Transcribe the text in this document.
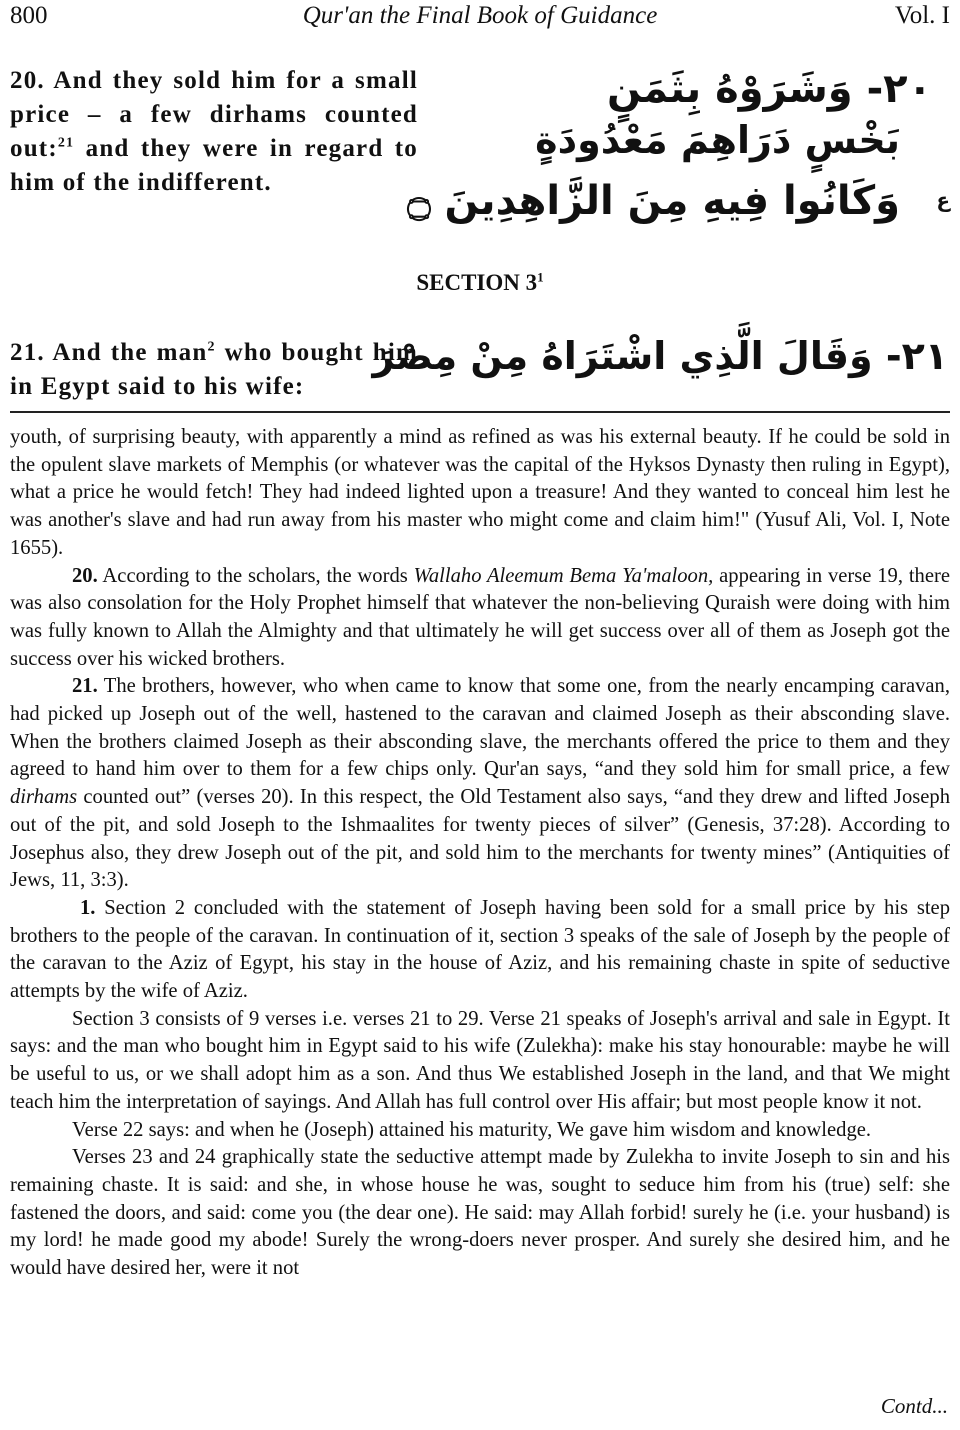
800	Qur'an the Final Book of Guidance	Vol. I
20. And they sold him for a small price – a few dirhams counted out:$^{21}$ and they were in regard to him of the indifferent.
٢٠- وَشَرَوْهُ بِثَمَنٍ
بَخْسٍ دَرَاهِمَ مَعْدُودَةٍ
وَكَانُوا فِيهِ مِنَ الزَّاهِدِينَ ۝ ع
SECTION $3^1$
21. And the man$^2$ who bought him in Egypt said to his wife:
٢١- وَقَالَ الَّذِي اشْتَرَاهُ مِنْ مِصْرَ

youth, of surprising beauty, with apparently a mind as refined as was his external beauty. If he could be sold in the opulent slave markets of Memphis (or whatever was the capital of the Hyksos Dynasty then ruling in Egypt), what a price he would fetch! They had indeed lighted upon a treasure! And they wanted to conceal him lest he was another's slave and had run away from his master who might come and claim him!" (Yusuf Ali, Vol. I, Note 1655).

20. According to the scholars, the words Wallaho Aleemum Bema Ya'maloon, appearing in verse 19, there was also consolation for the Holy Prophet himself that whatever the non-believing Quraish were doing with him was fully known to Allah the Almighty and that ultimately he will get success over all of them as Joseph got the success over his wicked brothers.

21. The brothers, however, who when came to know that some one, from the nearly encamping caravan, had picked up Joseph out of the well, hastened to the caravan and claimed Joseph as their absconding slave. When the brothers claimed Joseph as their absconding slave, the merchants offered the price to them and they agreed to hand him over to them for a few chips only. Qur'an says, “and they sold him for small price, a few dirhams counted out” (verses 20). In this respect, the Old Testament also says, “and they drew and lifted Joseph out of the pit, and sold Joseph to the Ishmaalites for twenty pieces of silver” (Genesis, 37:28). According to Josephus also, they drew Joseph out of the pit, and sold him to the merchants for twenty mines” (Antiquities of Jews, 11, 3:3).

1. Section 2 concluded with the statement of Joseph having been sold for a small price by his step brothers to the people of the caravan. In continuation of it, section 3 speaks of the sale of Joseph by the people of the caravan to the Aziz of Egypt, his stay in the house of Aziz, and his remaining chaste in spite of seductive attempts by the wife of Aziz.

Section 3 consists of 9 verses i.e. verses 21 to 29. Verse 21 speaks of Joseph's arrival and sale in Egypt. It says: and the man who bought him in Egypt said to his wife (Zulekha): make his stay honourable: maybe he will be useful to us, or we shall adopt him as a son. And thus We established Joseph in the land, and that We might teach him the interpretation of sayings. And Allah has full control over His affair; but most people know it not.

Verse 22 says: and when he (Joseph) attained his maturity, We gave him wisdom and knowledge.

Verses 23 and 24 graphically state the seductive attempt made by Zulekha to invite Joseph to sin and his remaining chaste. It is said: and she, in whose house he was, sought to seduce him from his (true) self: she fastened the doors, and said: come you (the dear one). He said: may Allah forbid! surely he (i.e. your husband) is my lord! he made good my abode! Surely the wrong-doers never prosper. And surely she desired him, and he would have desired her, were it not

Contd...
